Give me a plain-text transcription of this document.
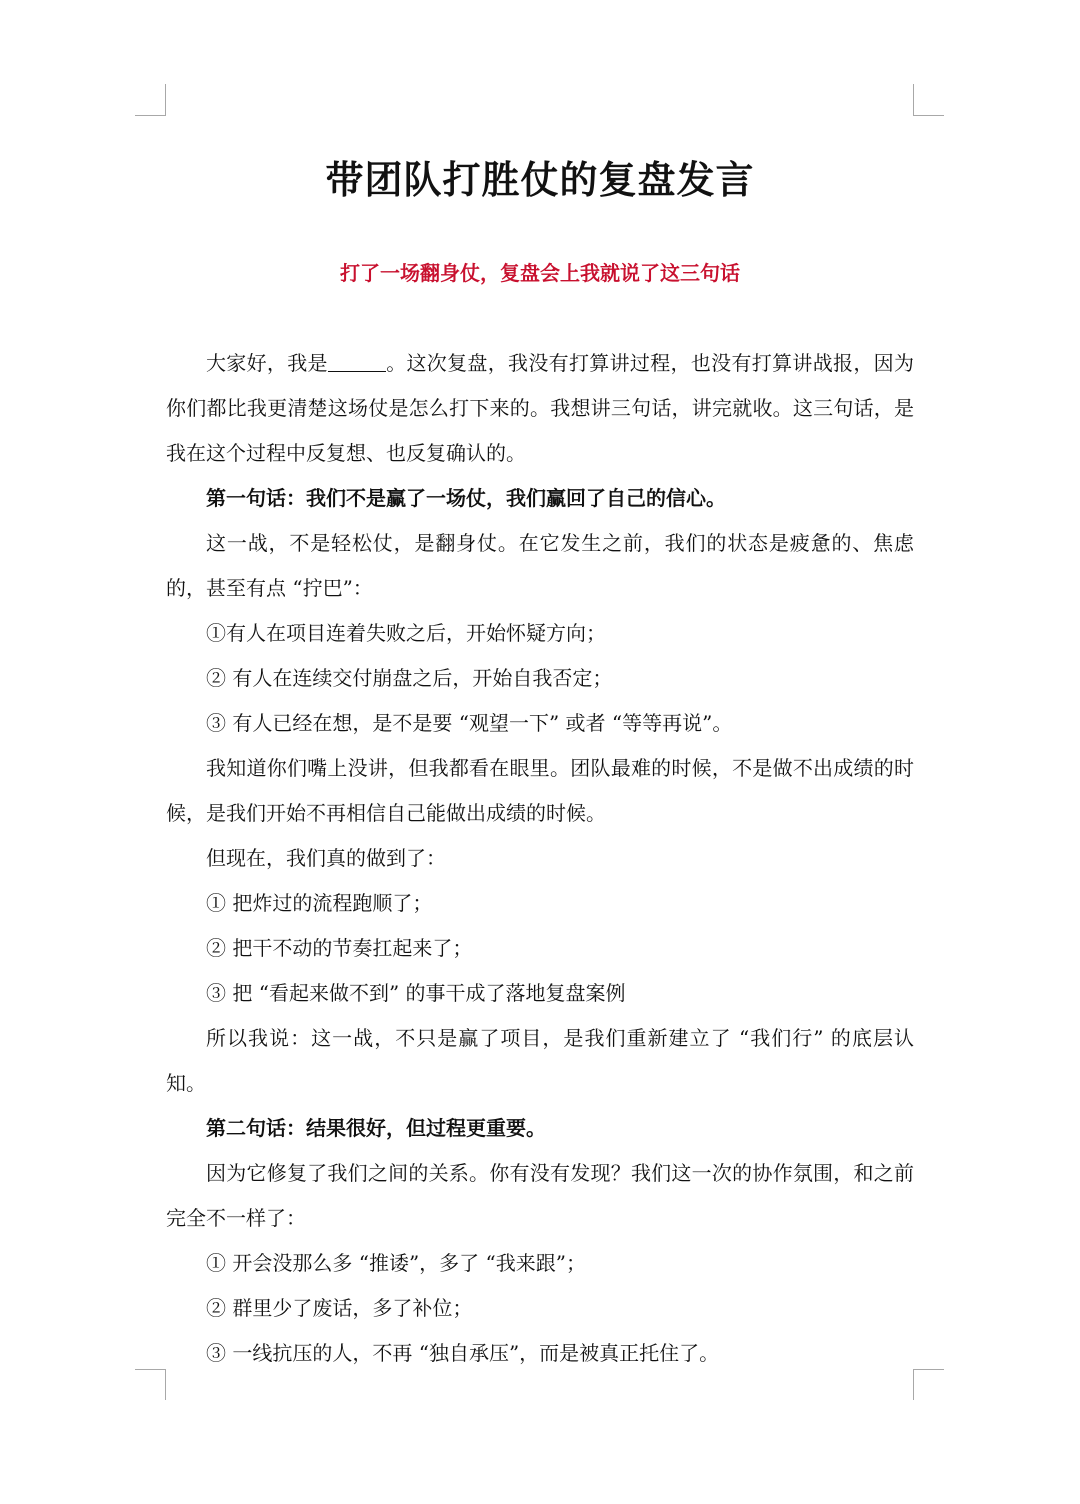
带团队打胜仗的复盘发言

打了一场翻身仗，复盘会上我就说了这三句话

大家好，我是	。这次复盘，我没有打算讲过程，也没有打算讲战报，因为你们都比我更清楚这场仗是怎么打下来的。我想讲三句话，讲完就收。这三句话，是我在这个过程中反复想、也反复确认的。

第一句话：我们不是赢了一场仗，我们赢回了自己的信心。

这一战，不是轻松仗，是翻身仗。在它发生之前，我们的状态是疲惫的、焦虑的，甚至有点 “拧巴”：

①有人在项目连着失败之后，开始怀疑方向；

② 有人在连续交付崩盘之后，开始自我否定；

③ 有人已经在想，是不是要 “观望一下” 或者 “等等再说”。

我知道你们嘴上没讲，但我都看在眼里。团队最难的时候，不是做不出成绩的时候，是我们开始不再相信自己能做出成绩的时候。

但现在，我们真的做到了：

① 把炸过的流程跑顺了；

② 把干不动的节奏扛起来了；

③ 把 “看起来做不到” 的事干成了落地复盘案例

所以我说：这一战，不只是赢了项目，是我们重新建立了 “我们行” 的底层认知。

第二句话：结果很好，但过程更重要。

因为它修复了我们之间的关系。你有没有发现？我们这一次的协作氛围，和之前完全不一样了：

① 开会没那么多 “推诿”，多了 “我来跟”；

② 群里少了废话，多了补位；

③ 一线抗压的人，不再 “独自承压”，而是被真正托住了。
